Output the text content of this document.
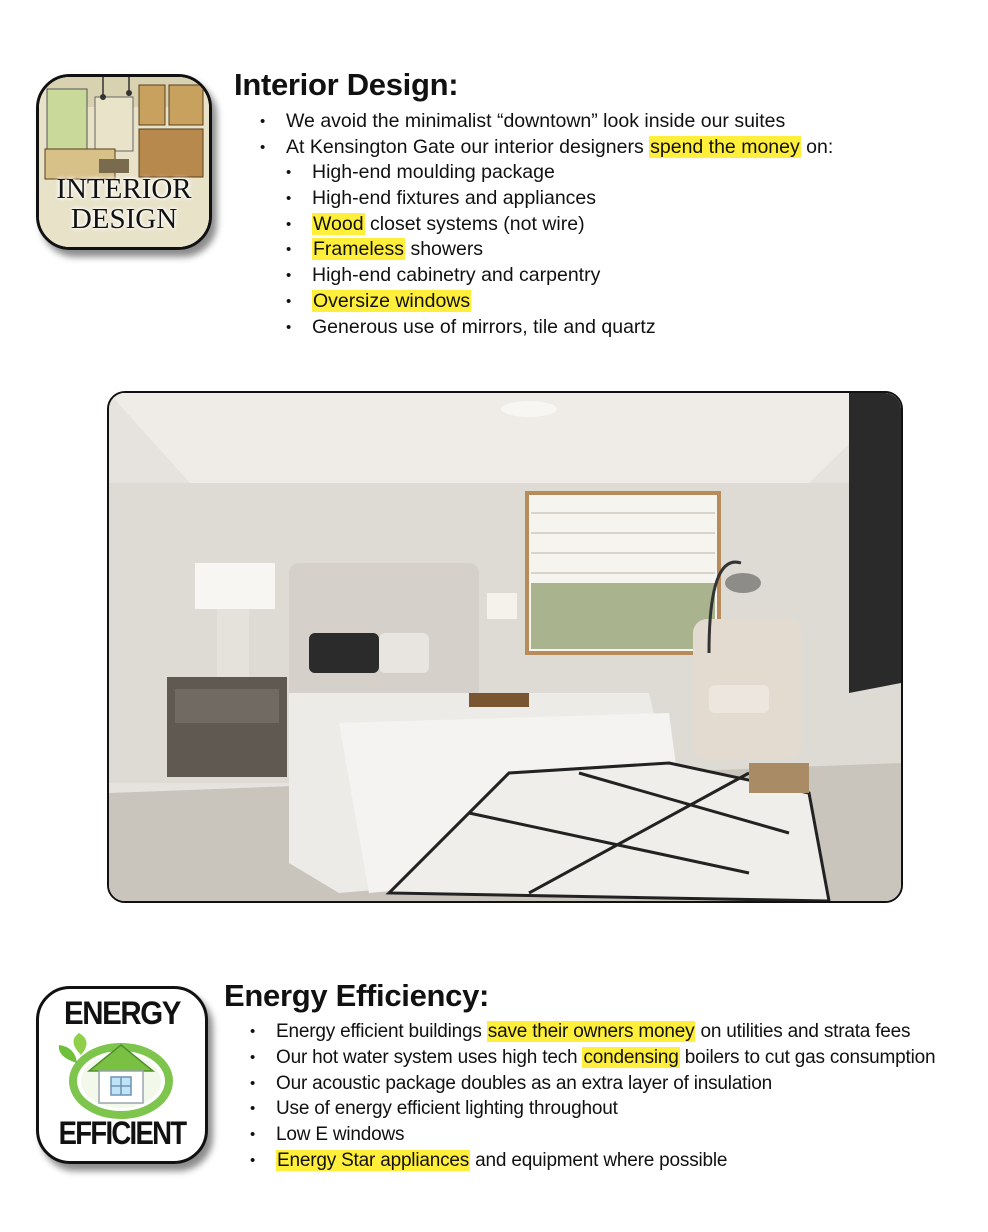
INTERIOR
DESIGN
Interior Design:
• We avoid the minimalist “downtown” look inside our suites
• At Kensington Gate our interior designers spend the money on:
• High-end moulding package
• High-end fixtures and appliances
• Wood closet systems (not wire)
• Frameless showers
• High-end cabinetry and carpentry
• Oversize windows
• Generous use of mirrors, tile and quartz
ENERGY
EFFICIENT
Energy Efficiency:
• Energy efficient buildings save their owners money on utilities and strata fees
• Our hot water system uses high tech condensing boilers to cut gas consumption
• Our acoustic package doubles as an extra layer of insulation
• Use of energy efficient lighting throughout
• Low E windows
• Energy Star appliances and equipment where possible
